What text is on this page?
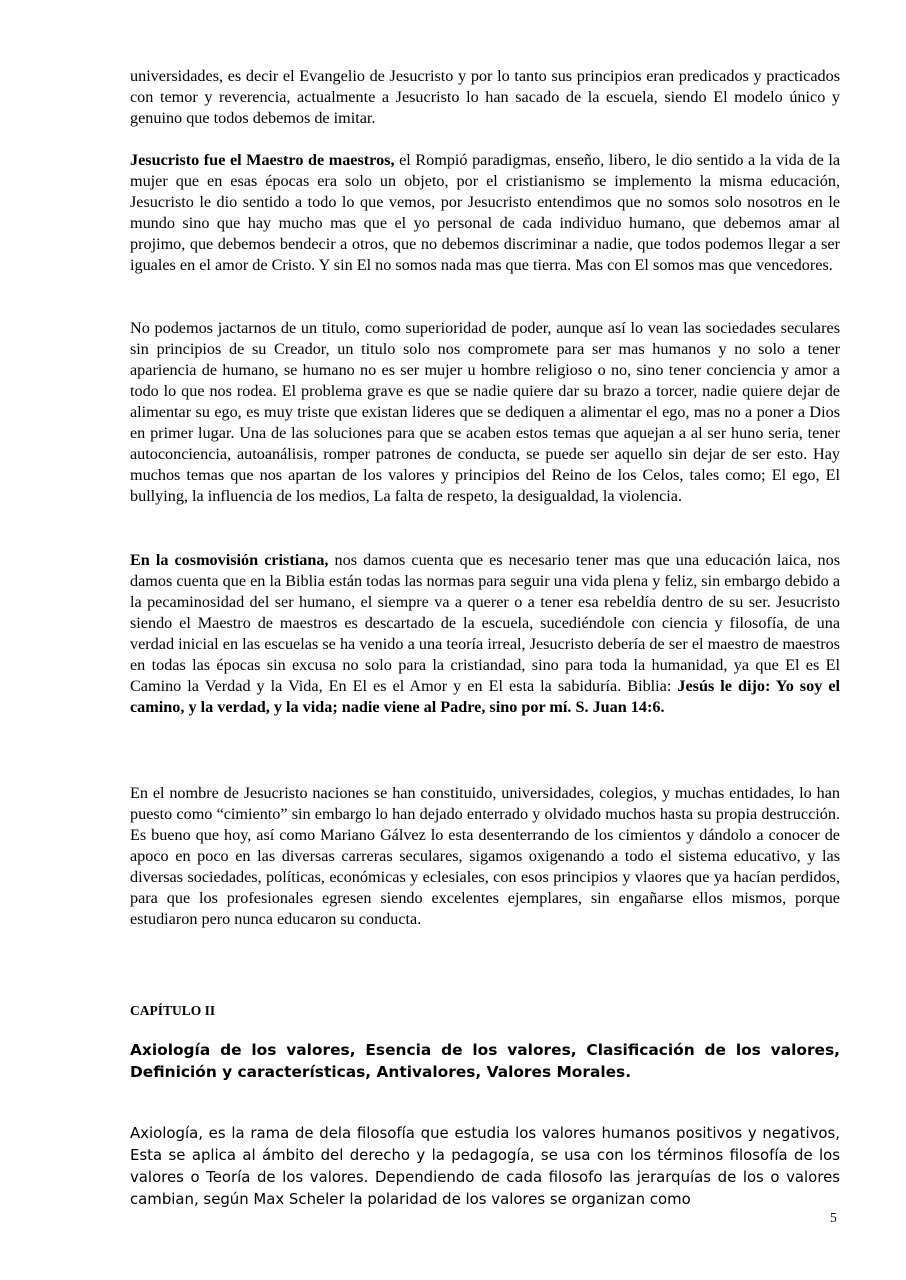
universidades, es decir el Evangelio de Jesucristo y por lo tanto sus principios eran predicados y practicados con temor y reverencia, actualmente a Jesucristo lo han sacado de la escuela, siendo El modelo único y genuino que todos debemos de imitar.

Jesucristo fue el Maestro de maestros, el Rompió paradigmas, enseño, libero, le dio sentido a la vida de la mujer que en esas épocas era solo un objeto, por el cristianismo se implemento la misma educación, Jesucristo le dio sentido a todo lo que vemos, por Jesucristo entendimos que no somos solo nosotros en le mundo sino que hay mucho mas que el yo personal de cada individuo humano, que debemos amar al projimo, que debemos bendecir a otros, que no debemos discriminar a nadie, que todos podemos llegar a ser iguales en el amor de Cristo. Y sin El no somos nada mas que tierra. Mas con El somos mas que vencedores.

No podemos jactarnos de un titulo, como superioridad de poder, aunque así lo vean las sociedades seculares sin principios de su Creador, un titulo solo nos compromete para ser mas humanos y no solo a tener apariencia de humano, se humano no es ser mujer u hombre religioso o no, sino tener conciencia y amor a todo lo que nos rodea. El problema grave es que se nadie quiere dar su brazo a torcer, nadie quiere dejar de alimentar su ego, es muy triste que existan lideres que se dediquen a alimentar el ego, mas no a poner a Dios en primer lugar. Una de las soluciones para que se acaben estos temas que aquejan a al ser huno seria, tener autoconciencia, autoanálisis, romper patrones de conducta, se puede ser aquello sin dejar de ser esto. Hay muchos temas que nos apartan de los valores y principios del Reino de los Celos, tales como; El ego, El bullying, la influencia de los medios, La falta de respeto, la desigualdad, la violencia.

En la cosmovisión cristiana, nos damos cuenta que es necesario tener mas que una educación laica, nos damos cuenta que en la Biblia están todas las normas para seguir una vida plena y feliz, sin embargo debido a la pecaminosidad del ser humano, el siempre va a querer o a tener esa rebeldía dentro de su ser. Jesucristo siendo el Maestro de maestros es descartado de la escuela, sucediéndole con ciencia y filosofía, de una verdad inicial en las escuelas se ha venido a una teoría irreal, Jesucristo debería de ser el maestro de maestros en todas las épocas sin excusa no solo para la cristiandad, sino para toda la humanidad, ya que El es El Camino la Verdad y la Vida, En El es el Amor y en El esta la sabiduría. Biblia: Jesús le dijo: Yo soy el camino, y la verdad, y la vida; nadie viene al Padre, sino por mí. S. Juan 14:6.

En el nombre de Jesucristo naciones se han constituido, universidades, colegios, y muchas entidades, lo han puesto como “cimiento” sin embargo lo han dejado enterrado y olvidado muchos hasta su propia destrucción. Es bueno que hoy, así como Mariano Gálvez lo esta desenterrando de los cimientos y dándolo a conocer de apoco en poco en las diversas carreras seculares, sigamos oxigenando a todo el sistema educativo, y las diversas sociedades, políticas, económicas y eclesiales, con esos principios y vlaores que ya hacían perdidos, para que los profesionales egresen siendo excelentes ejemplares, sin engañarse ellos mismos, porque estudiaron pero nunca educaron su conducta.

CAPÍTULO II

Axiología de los valores, Esencia de los valores, Clasificación de los valores, Definición y características, Antivalores, Valores Morales.

Axiología, es la rama de dela filosofía que estudia los valores humanos positivos y negativos, Esta se aplica al ámbito del derecho y la pedagogía, se usa con los términos filosofía de los valores o Teoría de los valores. Dependiendo de cada filosofo las jerarquías de los o valores cambian, según Max Scheler la polaridad de los valores se organizan como

5
